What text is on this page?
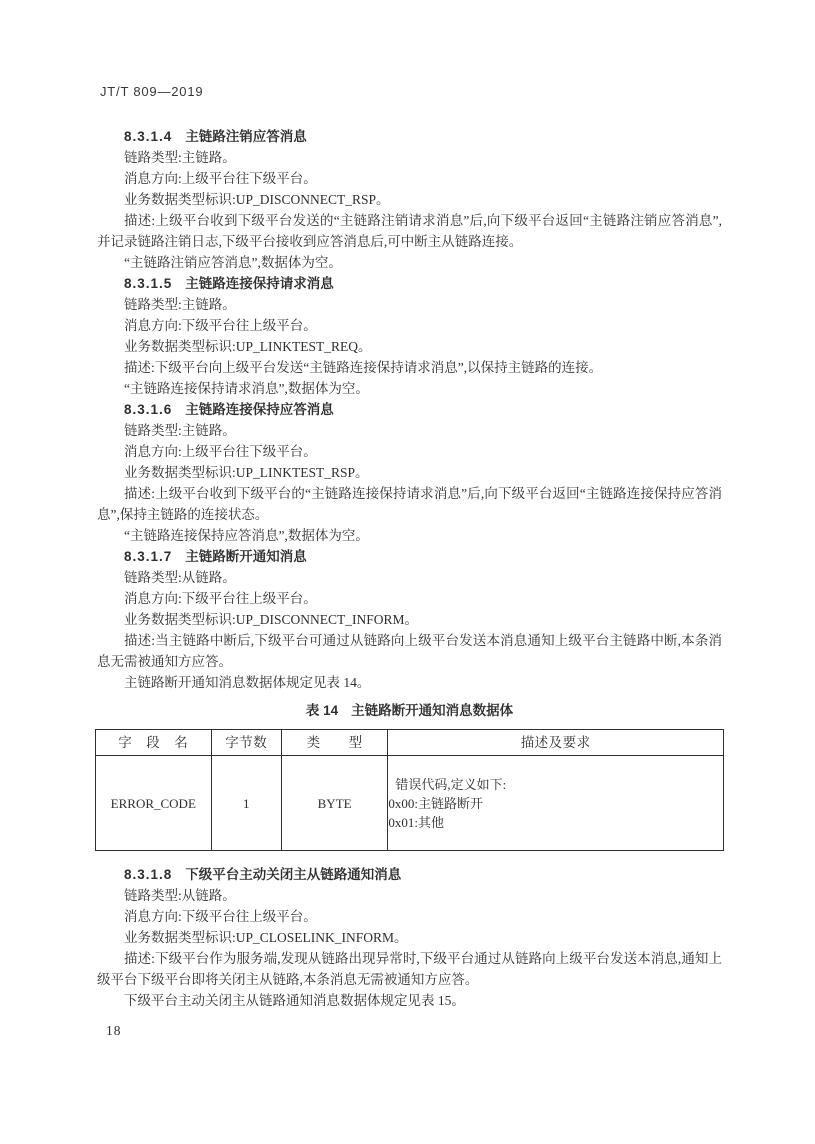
JT/T 809—2019

8.3.1.4 主链路注销应答消息

链路类型:主链路。

消息方向:上级平台往下级平台。

业务数据类型标识:UP_DISCONNECT_RSP。

描述:上级平台收到下级平台发送的“主链路注销请求消息”后,向下级平台返回“主链路注销应答消息”,并记录链路注销日志,下级平台接收到应答消息后,可中断主从链路连接。

“主链路注销应答消息”,数据体为空。

8.3.1.5 主链路连接保持请求消息

链路类型:主链路。

消息方向:下级平台往上级平台。

业务数据类型标识:UP_LINKTEST_REQ。

描述:下级平台向上级平台发送“主链路连接保持请求消息”,以保持主链路的连接。

“主链路连接保持请求消息”,数据体为空。

8.3.1.6 主链路连接保持应答消息

链路类型:主链路。

消息方向:上级平台往下级平台。

业务数据类型标识:UP_LINKTEST_RSP。

描述:上级平台收到下级平台的“主链路连接保持请求消息”后,向下级平台返回“主链路连接保持应答消息”,保持主链路的连接状态。

“主链路连接保持应答消息”,数据体为空。

8.3.1.7 主链路断开通知消息

链路类型:从链路。

消息方向:下级平台往上级平台。

业务数据类型标识:UP_DISCONNECT_INFORM。

描述:当主链路中断后,下级平台可通过从链路向上级平台发送本消息通知上级平台主链路中断,本条消息无需被通知方应答。

主链路断开通知消息数据体规定见表 14。

表 14 主链路断开通知消息数据体
字　段　名	字节数	类　　型	描述及要求
ERROR_CODE	1	BYTE	错误代码,定义如下:
0x00:主链路断开
0x01:其他

8.3.1.8 下级平台主动关闭主从链路通知消息

链路类型:从链路。

消息方向:下级平台往上级平台。

业务数据类型标识:UP_CLOSELINK_INFORM。

描述:下级平台作为服务端,发现从链路出现异常时,下级平台通过从链路向上级平台发送本消息,通知上级平台下级平台即将关闭主从链路,本条消息无需被通知方应答。

下级平台主动关闭主从链路通知消息数据体规定见表 15。

18
